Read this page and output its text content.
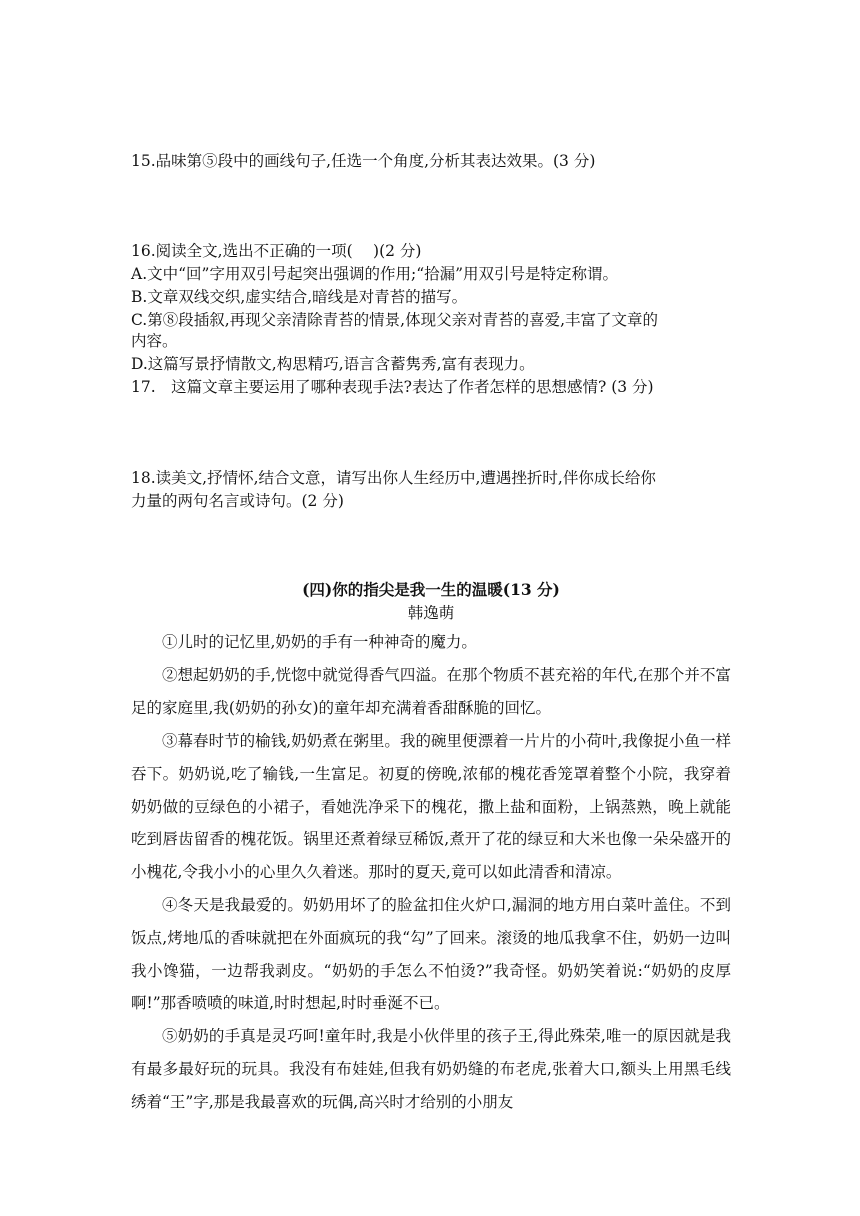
15.品味第⑤段中的画线句子,任选一个角度,分析其表达效果。(3 分)
16.阅读全文,选出不正确的一项(　 )(2 分)
A.文中“回”字用双引号起突出强调的作用;“拾漏”用双引号是特定称谓。
B.文章双线交织,虚实结合,暗线是对青苔的描写。
C.第⑧段插叙,再现父亲清除青苔的情景,体现父亲对青苔的喜爱,丰富了文章的
内容。
D.这篇写景抒情散文,构思精巧,语言含蓄隽秀,富有表现力。
17.　这篇文章主要运用了哪种表现手法?表达了作者怎样的思想感情? (3 分)
18.读美文,抒情怀,结合文意，请写出你人生经历中,遭遇挫折时,伴你成长给你
力量的两句名言或诗句。(2 分)
(四)你的指尖是我一生的温暖(13 分)
韩逸萌
①儿时的记忆里,奶奶的手有一种神奇的魔力。
②想起奶奶的手,恍惚中就觉得香气四溢。在那个物质不甚充裕的年代,在那个并不富足的家庭里,我(奶奶的孙女)的童年却充满着香甜酥脆的回忆。
③幕春时节的榆钱,奶奶煮在粥里。我的碗里便漂着一片片的小荷叶,我像捉小鱼一样吞下。奶奶说,吃了输钱,一生富足。初夏的傍晚,浓郁的槐花香笼罩着整个小院，我穿着奶奶做的豆绿色的小裙子，看她洗净采下的槐花，撒上盐和面粉，上锅蒸熟，晚上就能吃到唇齿留香的槐花饭。锅里还煮着绿豆稀饭,煮开了花的绿豆和大米也像一朵朵盛开的小槐花,令我小小的心里久久着迷。那时的夏天,竟可以如此清香和清凉。
④冬天是我最爱的。奶奶用坏了的脸盆扣住火炉口,漏洞的地方用白菜叶盖住。不到饭点,烤地瓜的香味就把在外面疯玩的我“勾”了回来。滚烫的地瓜我拿不住，奶奶一边叫我小馋猫，一边帮我剥皮。“奶奶的手怎么不怕烫?”我奇怪。奶奶笑着说:“奶奶的皮厚啊!”那香喷喷的味道,时时想起,时时垂涎不已。
⑤奶奶的手真是灵巧呵!童年时,我是小伙伴里的孩子王,得此殊荣,唯一的原因就是我有最多最好玩的玩具。我没有布娃娃,但我有奶奶缝的布老虎,张着大口,额头上用黑毛线绣着“王”字,那是我最喜欢的玩偶,高兴时才给别的小朋友
